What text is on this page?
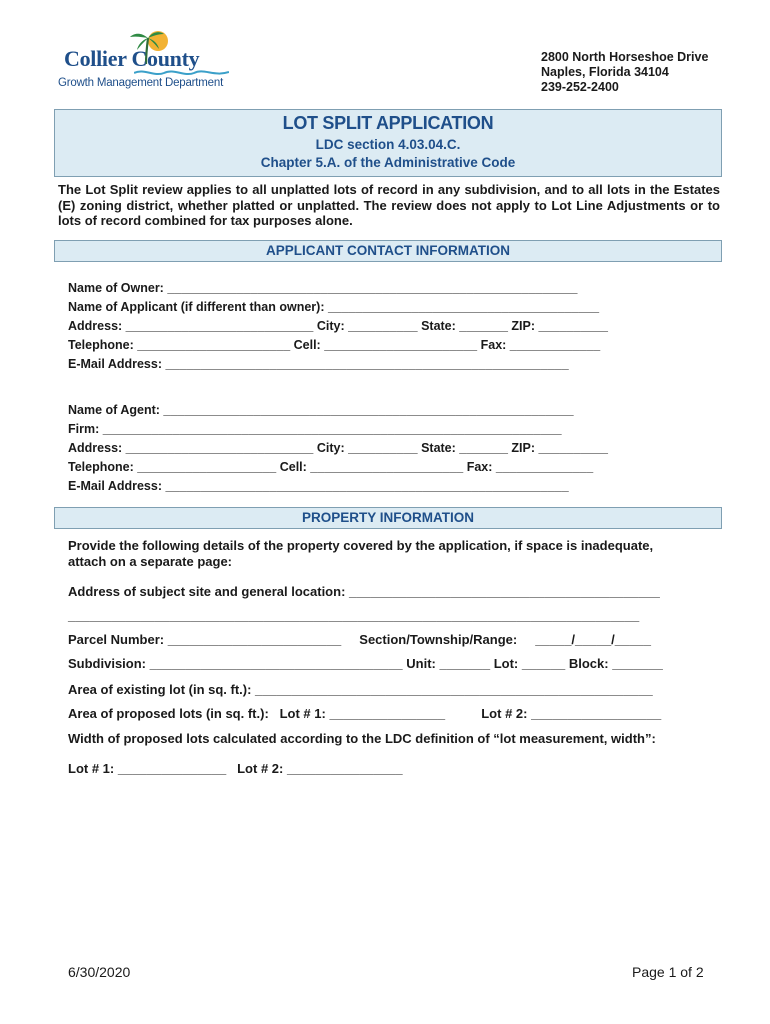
Collier County
Growth Management Department
2800 North Horseshoe Drive
Naples, Florida 34104
239-252-2400
LOT SPLIT APPLICATION
LDC section 4.03.04.C.
Chapter 5.A. of the Administrative Code
The Lot Split review applies to all unplatted lots of record in any subdivision, and to all lots in the Estates (E) zoning district, whether platted or unplatted. The review does not apply to Lot Line Adjustments or to lots of record combined for tax purposes alone.
APPLICANT CONTACT INFORMATION
Name of Owner: ___________________________________________________________
Name of Applicant (if different than owner): _______________________________________
Address: ___________________________ City: __________ State: _______ ZIP: __________
Telephone: ______________________ Cell: ______________________ Fax: _____________
E-Mail Address: __________________________________________________________
Name of Agent: ___________________________________________________________
Firm: __________________________________________________________________
Address: ___________________________ City: __________ State: _______ ZIP: __________
Telephone: ____________________ Cell: ______________________ Fax: ______________
E-Mail Address: __________________________________________________________
PROPERTY INFORMATION
Provide the following details of the property covered by the application, if space is inadequate,
attach on a separate page:
Address of subject site and general location: ___________________________________________
_______________________________________________________________________________
Parcel Number: ________________________     Section/Township/Range:     _____/_____/_____
Subdivision: ___________________________________ Unit: _______ Lot: ______ Block: _______
Area of existing lot (in sq. ft.): _______________________________________________________
Area of proposed lots (in sq. ft.):   Lot # 1: ________________          Lot # 2: __________________
Width of proposed lots calculated according to the LDC definition of “lot measurement, width”:
Lot # 1: _______________   Lot # 2: ________________
6/30/2020	Page 1 of 2
